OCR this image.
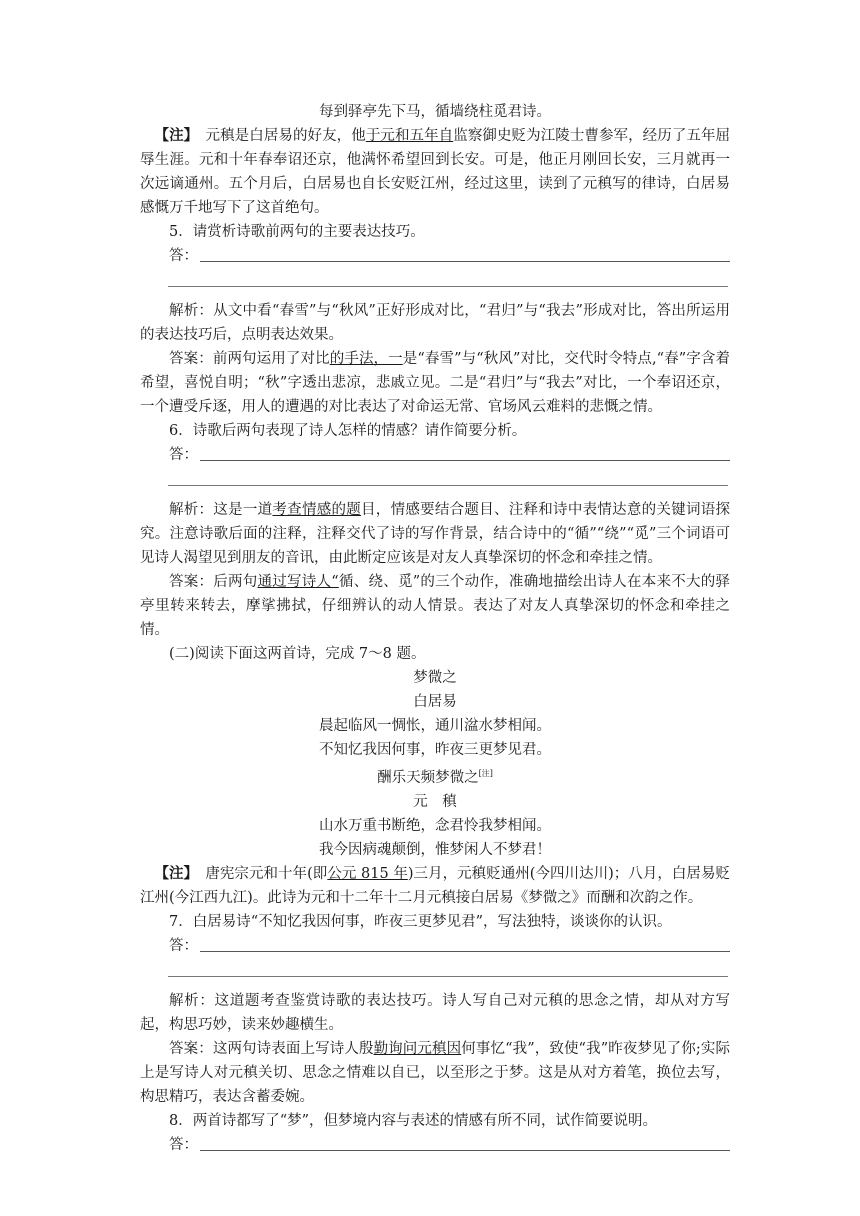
每到驿亭先下马，循墙绕柱觅君诗。

【注】　元稹是白居易的好友，他于元和五年自监察御史贬为江陵士曹参军，经历了五年屈辱生涯。元和十年春奉诏还京，他满怀希望回到长安。可是，他正月刚回长安，三月就再一次远谪通州。五个月后，白居易也自长安贬江州，经过这里，读到了元稹写的律诗，白居易感慨万千地写下了这首绝句。

5．请赏析诗歌前两句的主要表达技巧。

答：

解析：从文中看“春雪”与“秋风”正好形成对比，“君归”与“我去”形成对比，答出所运用的表达技巧后，点明表达效果。

答案：前两句运用了对比的手法，一是“春雪”与“秋风”对比，交代时令特点,“春”字含着希望，喜悦自明；“秋”字透出悲凉，悲戚立见。二是“君归”与“我去”对比，一个奉诏还京，一个遭受斥逐，用人的遭遇的对比表达了对命运无常、官场风云难料的悲慨之情。

6．诗歌后两句表现了诗人怎样的情感？请作简要分析。

答：

解析：这是一道考查情感的题目，情感要结合题目、注释和诗中表情达意的关键词语探究。注意诗歌后面的注释，注释交代了诗的写作背景，结合诗中的“循”“绕”“觅”三个词语可见诗人渴望见到朋友的音讯，由此断定应该是对友人真挚深切的怀念和牵挂之情。

答案：后两句通过写诗人“循、绕、觅”的三个动作，准确地描绘出诗人在本来不大的驿亭里转来转去，摩挲拂拭，仔细辨认的动人情景。表达了对友人真挚深切的怀念和牵挂之情。

(二)阅读下面这两首诗，完成 7～8 题。

梦微之
白居易
晨起临风一惆怅，通川湓水梦相闻。
不知忆我因何事，昨夜三更梦见君。
酬乐天频梦微之[注]
元　稹
山水万重书断绝，念君怜我梦相闻。
我今因病魂颠倒，惟梦闲人不梦君！

【注】　唐宪宗元和十年(即公元 815 年)三月，元稹贬通州(今四川达川)；八月，白居易贬江州(今江西九江)。此诗为元和十二年十二月元稹接白居易《梦微之》而酬和次韵之作。

7．白居易诗“不知忆我因何事，昨夜三更梦见君”，写法独特，谈谈你的认识。

答：

解析：这道题考查鉴赏诗歌的表达技巧。诗人写自己对元稹的思念之情，却从对方写起，构思巧妙，读来妙趣横生。

答案：这两句诗表面上写诗人殷勤询问元稹因何事忆“我”，致使“我”昨夜梦见了你;实际上是写诗人对元稹关切、思念之情难以自已，以至形之于梦。这是从对方着笔，换位去写，构思精巧，表达含蓄委婉。

8．两首诗都写了“梦”，但梦境内容与表述的情感有所不同，试作简要说明。

答：
